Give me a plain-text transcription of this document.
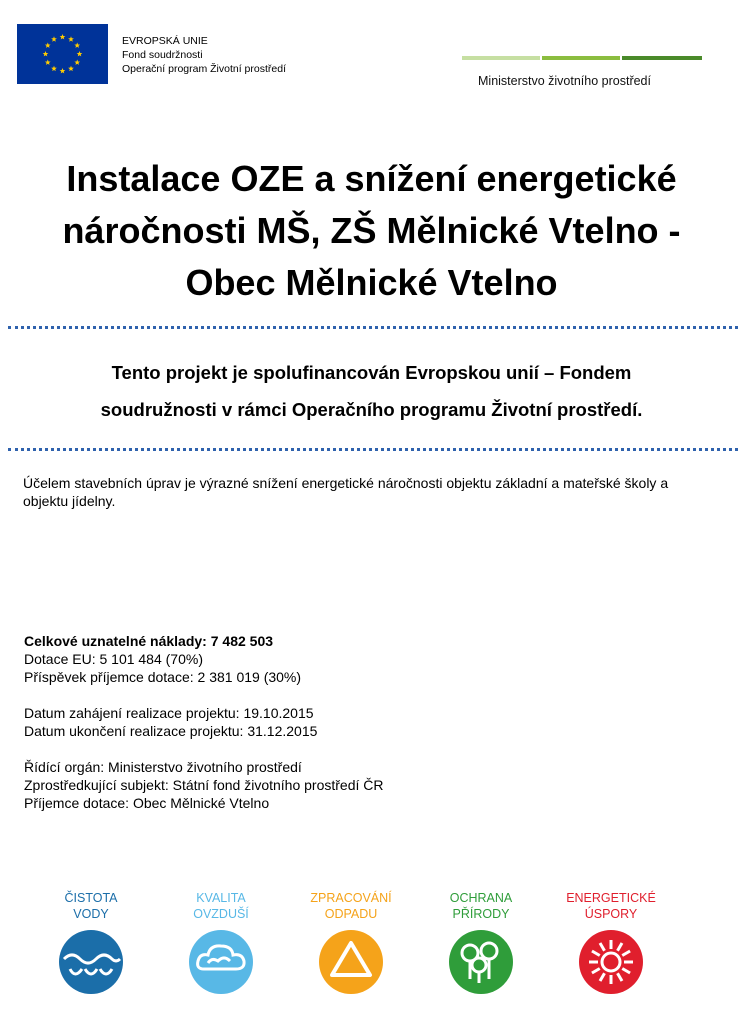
EVROPSKÁ UNIE
Fond soudržnosti
Operační program Životní prostředí
Ministerstvo životního prostředí
Instalace OZE a snížení energetické
náročnosti MŠ, ZŠ Mělnické Vtelno -
Obec Mělnické Vtelno
Tento projekt je spolufinancován Evropskou unií – Fondem
soudružnosti v rámci Operačního programu Životní prostředí.
Účelem stavebních úprav je výrazné snížení energetické náročnosti objektu základní a mateřské školy a objektu jídelny.

Celkové uznatelné náklady: 7 482 503

Dotace EU: 5 101 484 (70%)

Příspěvek příjemce dotace: 2 381 019 (30%)

Datum zahájení realizace projektu: 19.10.2015

Datum ukončení realizace projektu: 31.12.2015

Řídící orgán: Ministerstvo životního prostředí

Zprostředkující subjekt: Státní fond životního prostředí ČR

Příjemce dotace: Obec Mělnické Vtelno

ČISTOTA
VODY
KVALITA
OVZDUŠÍ
ZPRACOVÁNÍ
ODPADU
OCHRANA
PŘÍRODY
ENERGETICKÉ
ÚSPORY
